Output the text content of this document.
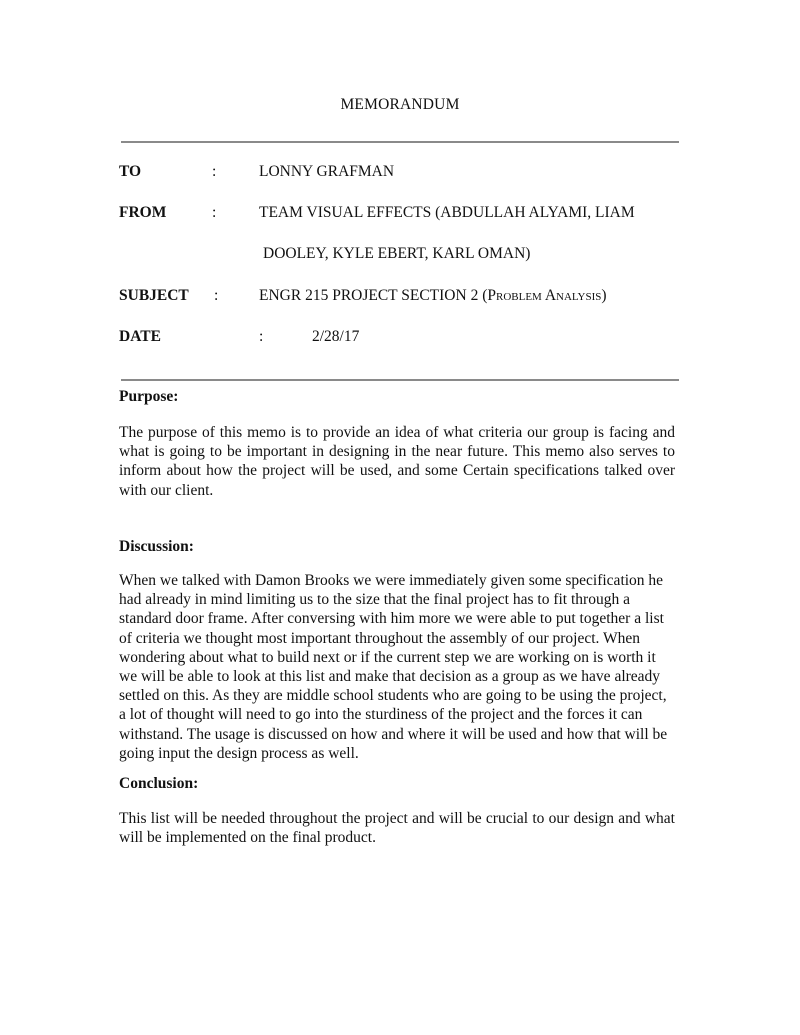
MEMORANDUM
TO	:	LONNY GRAFMAN
FROM	:	TEAM VISUAL EFFECTS (ABDULLAH ALYAMI, LIAM
DOOLEY, KYLE EBERT, KARL OMAN)
SUBJECT :	ENGR 215 PROJECT SECTION 2 (Problem Analysis)
DATE	:	2/28/17
Purpose:
The purpose of this memo is to provide an idea of what criteria our group is facing and what is going to be important in designing in the near future. This memo also serves to inform about how the project will be used, and some Certain specifications talked over with our client.
Discussion:
When we talked with Damon Brooks we were immediately given some specification he
had already in mind limiting us to the size that the final project has to fit through a
standard door frame. After conversing with him more we were able to put together a list
of criteria we thought most important throughout the assembly of our project. When
wondering about what to build next or if the current step we are working on is worth it
we will be able to look at this list and make that decision as a group as we have already
settled on this. As they are middle school students who are going to be using the project,
a lot of thought will need to go into the sturdiness of the project and the forces it can
withstand. The usage is discussed on how and where it will be used and how that will be
going input the design process as well.
Conclusion:
This list will be needed throughout the project and will be crucial to our design and what will be implemented on the final product.
